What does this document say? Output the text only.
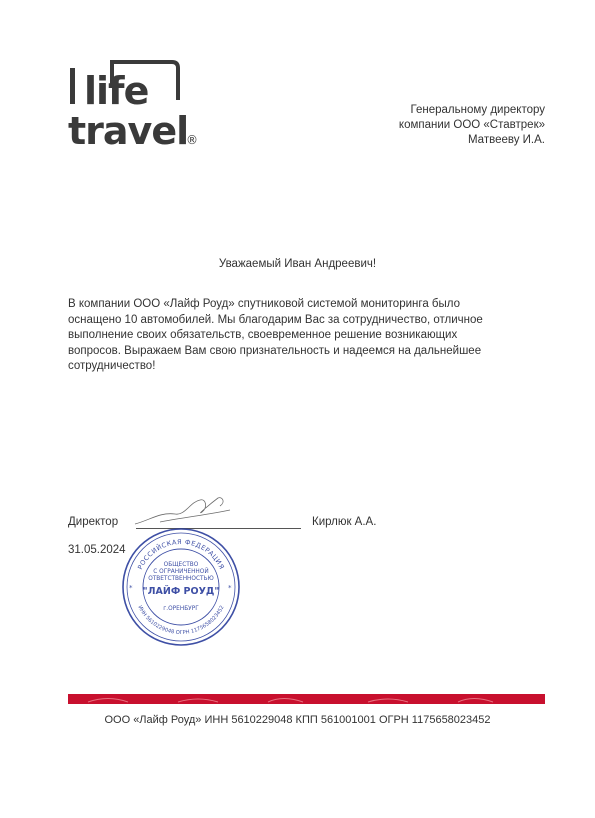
life
travel
®
Генеральному директору
компании ООО «Ставтрек»
Матвееву И.А.
Уважаемый Иван Андреевич!
В компании ООО «Лайф Роуд» спутниковой системой мониторинга было оснащено 10 автомобилей. Мы благодарим Вас за сотрудничество, отличное выполнение своих обязательств, своевременное решение возникающих вопросов. Выражаем Вам свою признательность и надеемся на дальнейшее сотрудничество!
Директор	Кирлюк А.А.
31.05.2024
РОССИЙСКАЯ ФЕДЕРАЦИЯ
ИНН 5610229048 ОГРН 1175658023452
*	*
ОБЩЕСТВО
С ОГРАНИЧЕННОЙ
ОТВЕТСТВЕННОСТЬЮ
"ЛАЙФ РОУД"
г.ОРЕНБУРГ
ООО «Лайф Роуд» ИНН 5610229048 КПП 561001001 ОГРН 1175658023452
